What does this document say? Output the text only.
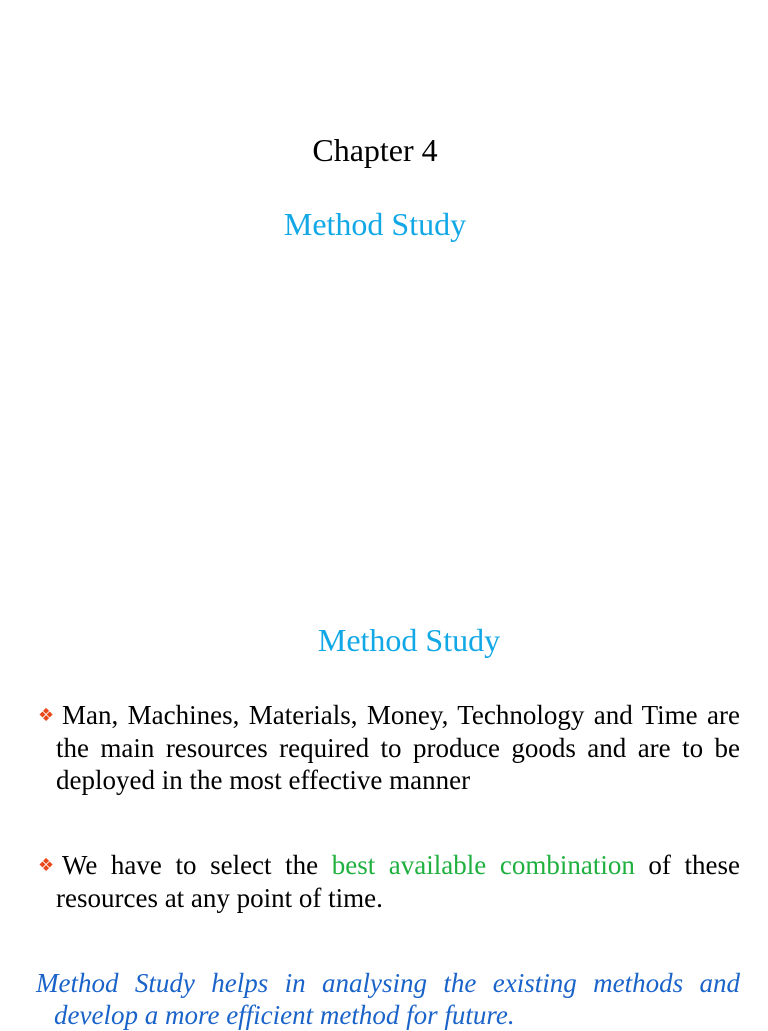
Chapter 4
Method Study
Method Study
❖ Man, Machines, Materials, Money, Technology and Time are the main resources required to produce goods and are to be deployed in the most effective manner
❖ We have to select the best available combination of these resources at any point of time.
Method Study helps in analysing the existing methods and develop a more efficient method for future.
